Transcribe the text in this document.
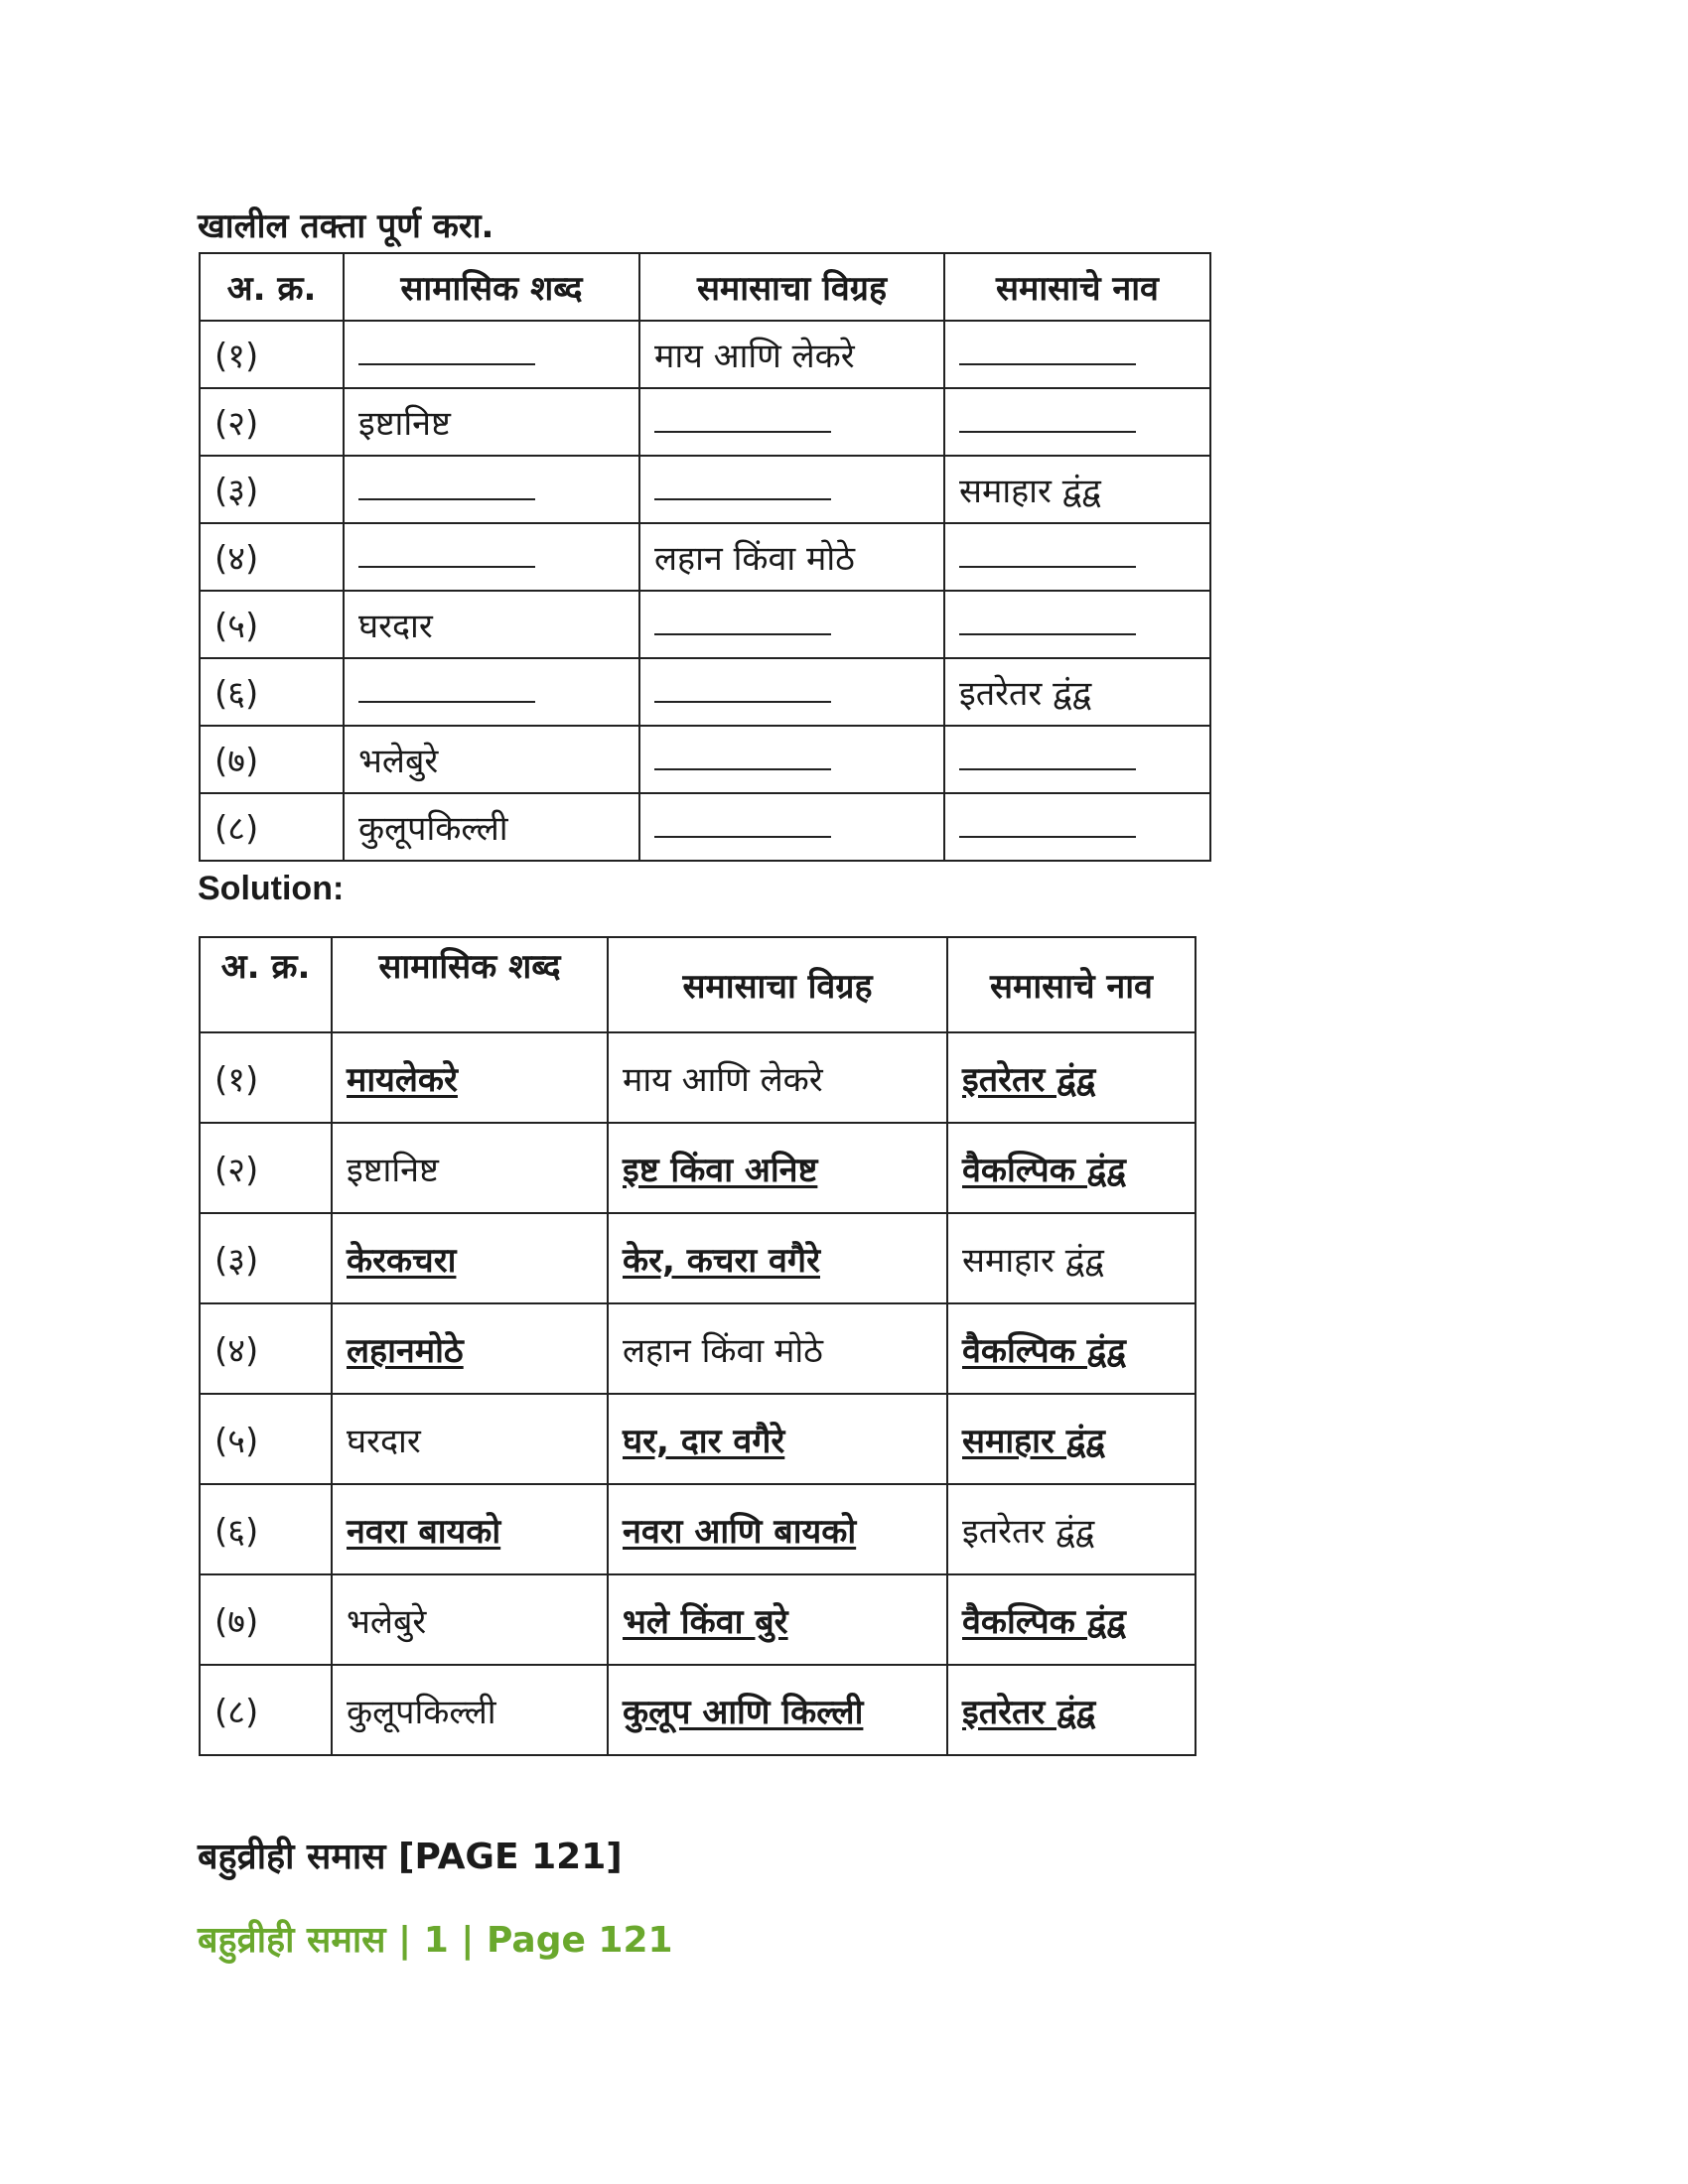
खालील तक्ता पूर्ण करा.
अ. क्र.	सामासिक शब्द	समासाचा विग्रह	समासाचे नाव
(१)		माय आणि लेकरे	
(२)	इष्टानिष्ट		
(३)			समाहार द्वंद्व
(४)		लहान किंवा मोठे	
(५)	घरदार		
(६)			इतरेतर द्वंद्व
(७)	भलेबुरे		
(८)	कुलूपकिल्ली		
Solution:
अ. क्र.	सामासिक शब्द	समासाचा विग्रह	समासाचे नाव
(१)	मायलेकरे	माय आणि लेकरे	इतरेतर द्वंद्व
(२)	इष्टानिष्ट	इष्ट किंवा अनिष्ट	वैकल्पिक द्वंद्व
(३)	केरकचरा	केर, कचरा वगैरे	समाहार द्वंद्व
(४)	लहानमोठे	लहान किंवा मोठे	वैकल्पिक द्वंद्व
(५)	घरदार	घर, दार वगैरे	समाहार द्वंद्व
(६)	नवरा बायको	नवरा आणि बायको	इतरेतर द्वंद्व
(७)	भलेबुरे	भले किंवा बुरे	वैकल्पिक द्वंद्व
(८)	कुलूपकिल्ली	कुलूप आणि किल्ली	इतरेतर द्वंद्व
बहुव्रीही समास [PAGE 121]
बहुव्रीही समास | 1 | Page 121
